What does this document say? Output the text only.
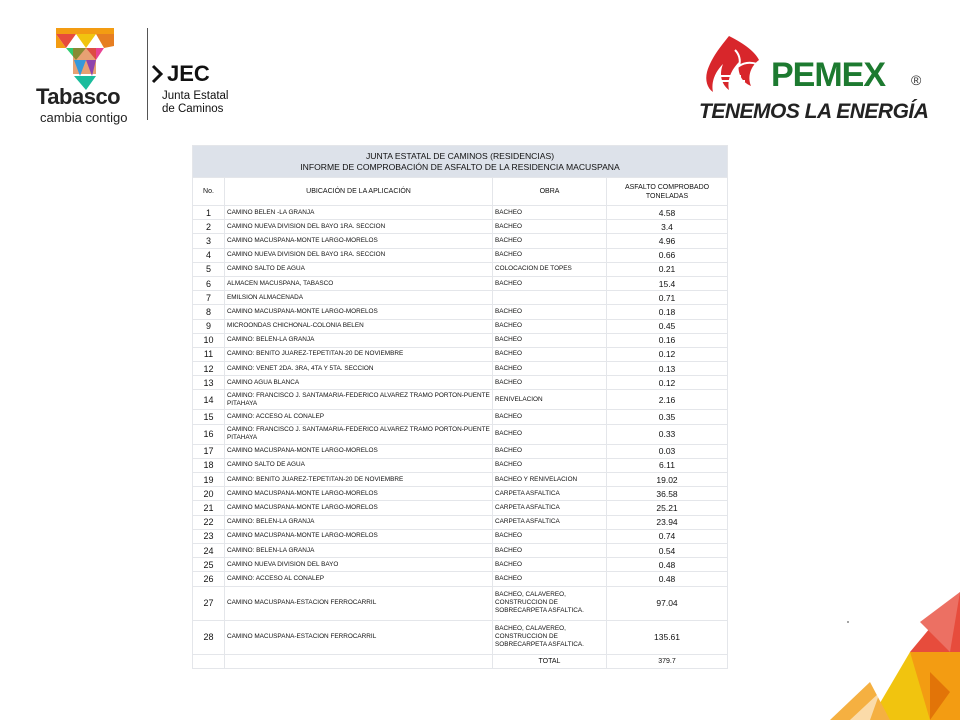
Tabasco
cambia contigo
JEC
Junta Estatal
de Caminos
PEMEX ®
TENEMOS LA ENERGÍA
JUNTA ESTATAL DE CAMINOS (RESIDENCIAS)
INFORME DE COMPROBACIÓN DE ASFALTO DE LA RESIDENCIA MACUSPANA			

No.	UBICACIÓN DE LA APLICACIÓN	OBRA	ASFALTO COMPROBADO
TONELADAS

1	CAMINO BELEN -LA GRANJA	BACHEO	4.58
2	CAMINO NUEVA DIVISION DEL BAYO 1RA. SECCION	BACHEO	3.4
3	CAMINO MACUSPANA-MONTE LARGO-MORELOS	BACHEO	4.96
4	CAMINO NUEVA DIVISION DEL BAYO 1RA. SECCION	BACHEO	0.66
5	CAMINO SALTO DE AGUA	COLOCACION DE TOPES	0.21
6	ALMACEN MACUSPANA, TABASCO	BACHEO	15.4
7	EMILSION ALMACENADA		0.71
8	CAMINO MACUSPANA-MONTE LARGO-MORELOS	BACHEO	0.18
9	MICROONDAS CHICHONAL-COLONIA BELEN	BACHEO	0.45
10	CAMINO: BELEN-LA GRANJA	BACHEO	0.16
11	CAMINO: BENITO JUAREZ-TEPETITAN-20 DE NOVIEMBRE	BACHEO	0.12
12	CAMINO: VENET 2DA. 3RA, 4TA Y 5TA. SECCION	BACHEO	0.13
13	CAMINO AGUA BLANCA	BACHEO	0.12
14	CAMINO: FRANCISCO J. SANTAMARIA-FEDERICO ALVAREZ TRAMO PORTON-PUENTE PITAHAYA	RENIVELACION	2.16
15	CAMINO: ACCESO AL CONALEP	BACHEO	0.35
16	CAMINO: FRANCISCO J. SANTAMARIA-FEDERICO ALVAREZ TRAMO PORTON-PUENTE PITAHAYA	BACHEO	0.33
17	CAMINO MACUSPANA-MONTE LARGO-MORELOS	BACHEO	0.03
18	CAMINO SALTO DE AGUA	BACHEO	6.11
19	CAMINO: BENITO JUAREZ-TEPETITAN-20 DE NOVIEMBRE	BACHEO Y RENIVELACION	19.02
20	CAMINO MACUSPANA-MONTE LARGO-MORELOS	CARPETA ASFALTICA	36.58
21	CAMINO MACUSPANA-MONTE LARGO-MORELOS	CARPETA ASFALTICA	25.21
22	CAMINO: BELEN-LA GRANJA	CARPETA ASFALTICA	23.94
23	CAMINO MACUSPANA-MONTE LARGO-MORELOS	BACHEO	0.74
24	CAMINO: BELEN-LA GRANJA	BACHEO	0.54
25	CAMINO NUEVA DIVISION DEL BAYO	BACHEO	0.48
26	CAMINO: ACCESO AL CONALEP	BACHEO	0.48
27	CAMINO MACUSPANA-ESTACION FERROCARRIL	BACHEO, CALAVEREO, CONSTRUCCION DE SOBRECARPETA ASFALTICA.	97.04
28	CAMINO MACUSPANA-ESTACION FERROCARRIL	BACHEO, CALAVEREO, CONSTRUCCION DE SOBRECARPETA ASFALTICA.	135.61
		TOTAL	379.7
